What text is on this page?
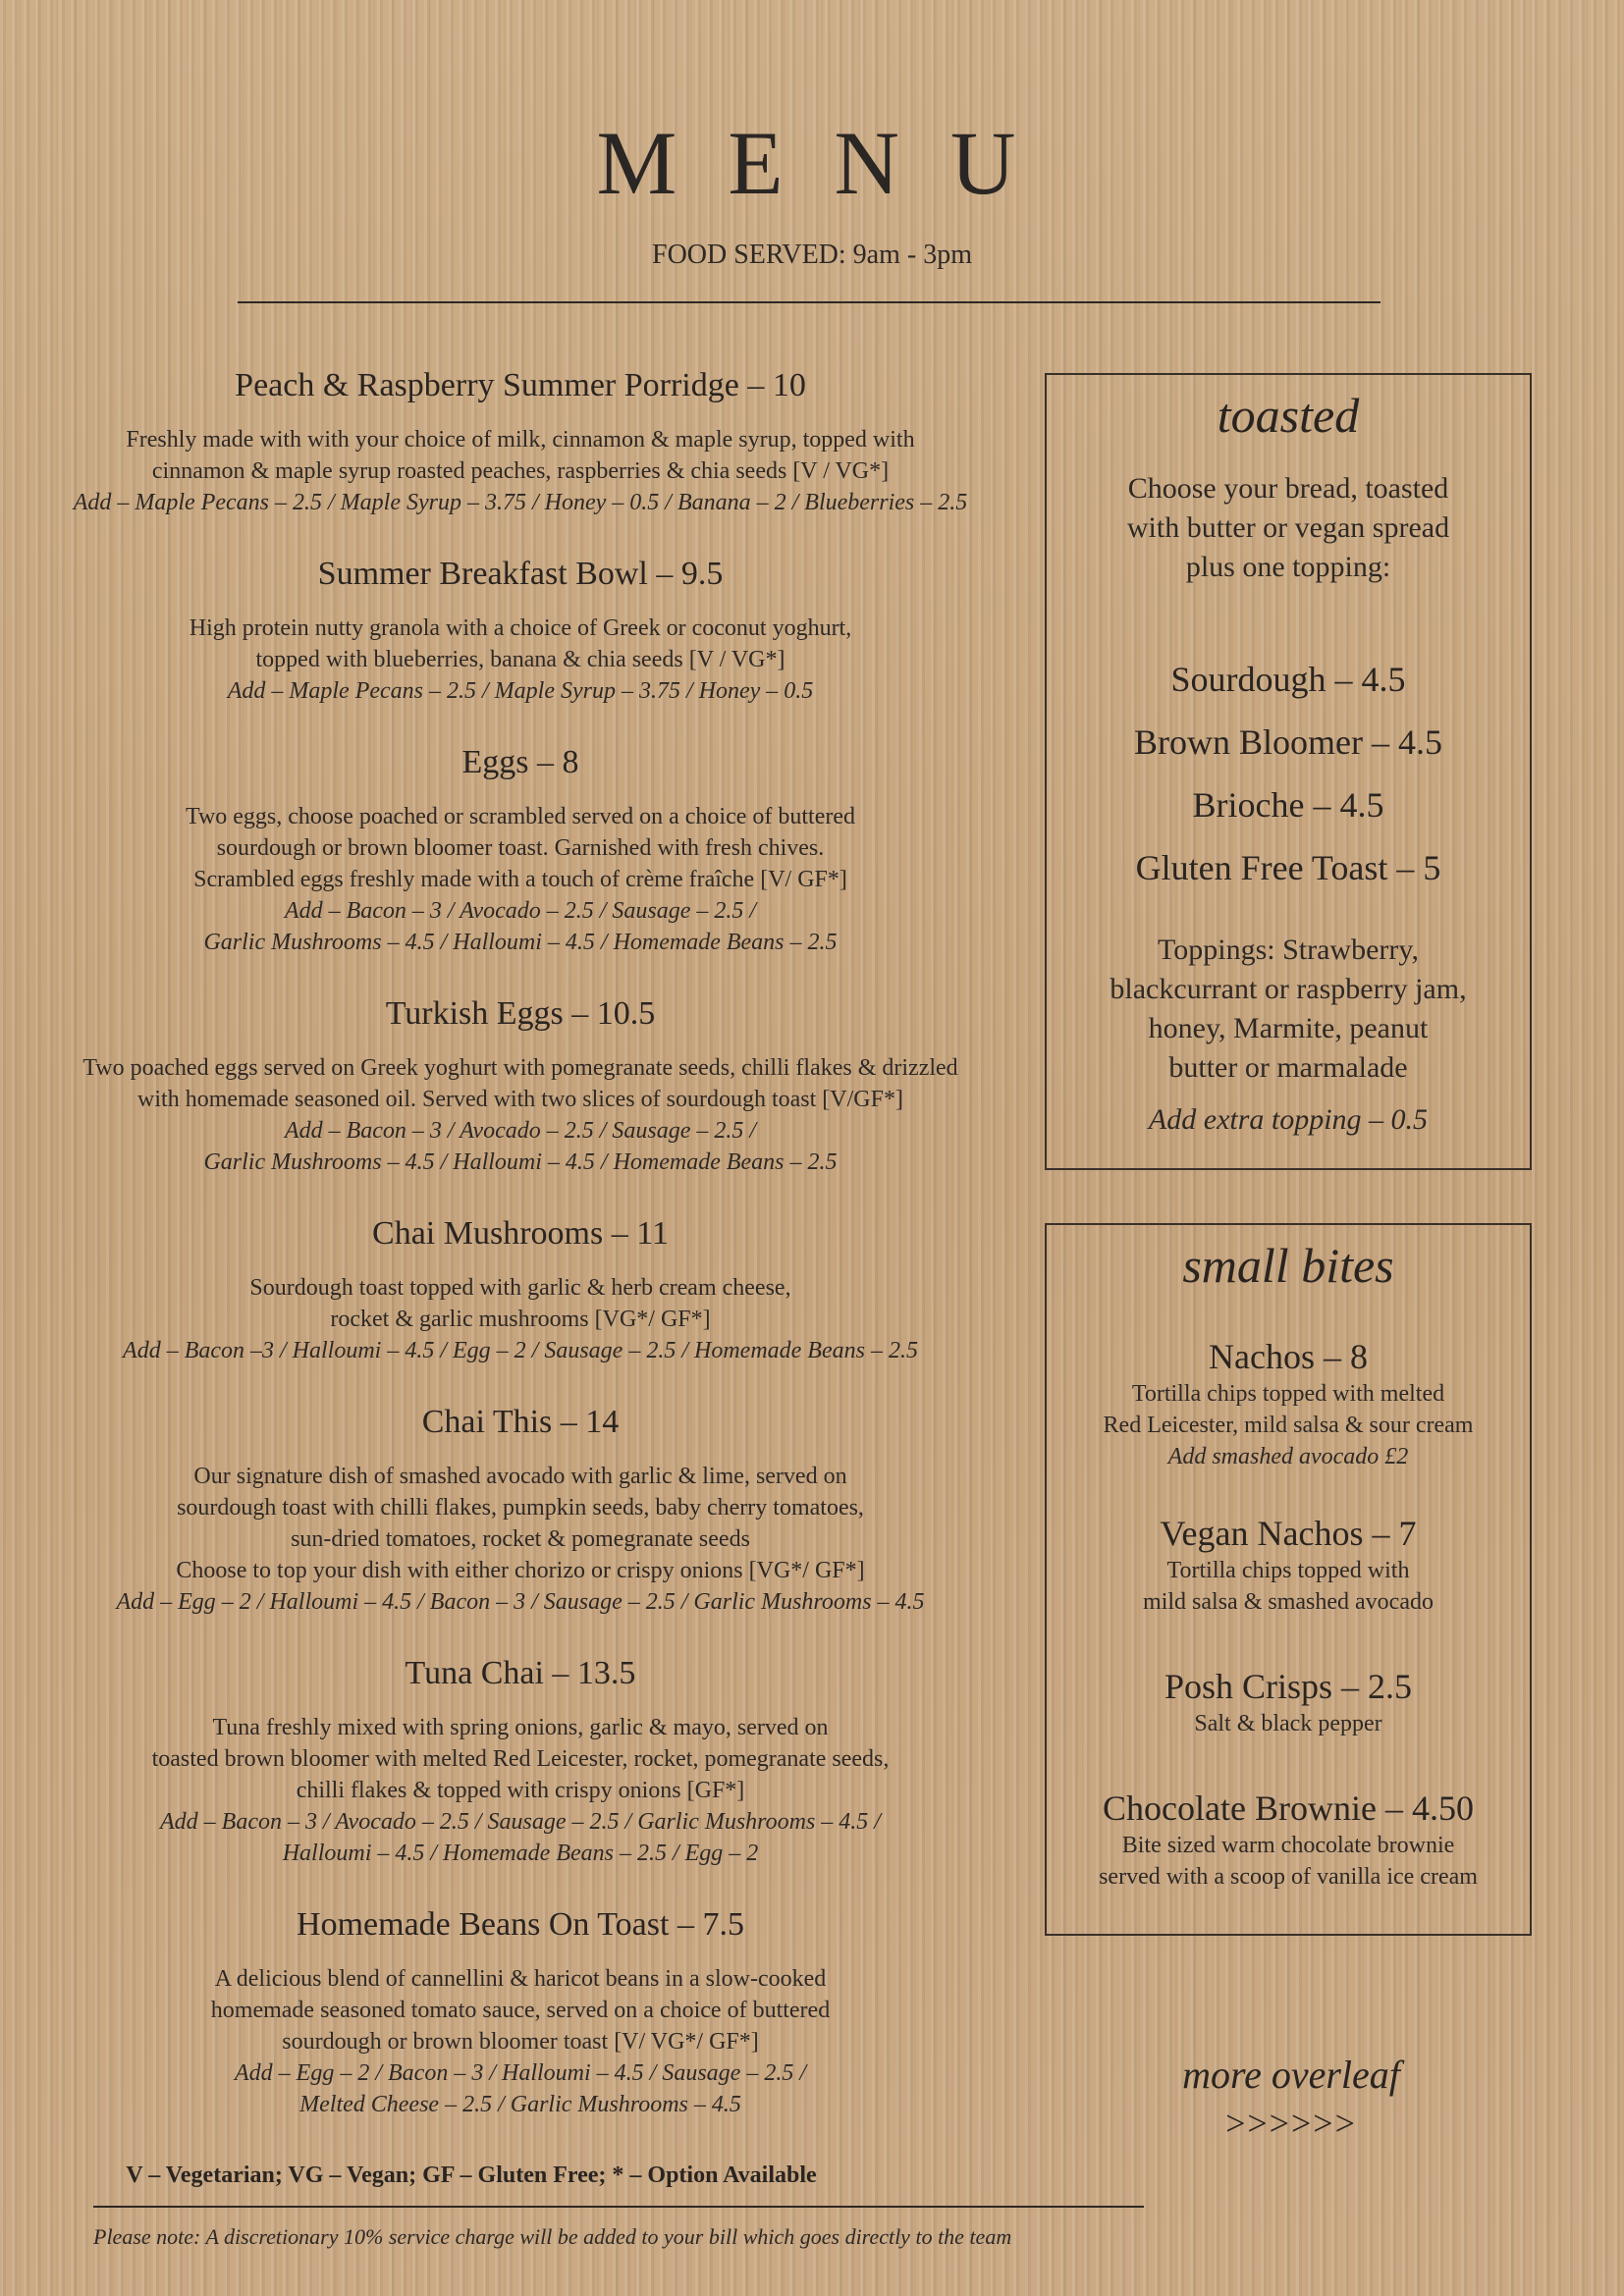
MENU
FOOD SERVED: 9am - 3pm
Peach & Raspberry Summer Porridge – 10
Freshly made with with your choice of milk, cinnamon & maple syrup, topped with
cinnamon & maple syrup roasted peaches, raspberries & chia seeds [V / VG*]
Add – Maple Pecans – 2.5 / Maple Syrup – 3.75 / Honey – 0.5 / Banana – 2 / Blueberries – 2.5
Summer Breakfast Bowl – 9.5
High protein nutty granola with a choice of Greek or coconut yoghurt,
topped with blueberries, banana & chia seeds [V / VG*]
Add – Maple Pecans – 2.5 / Maple Syrup – 3.75 / Honey – 0.5
Eggs – 8
Two eggs, choose poached or scrambled served on a choice of buttered
sourdough or brown bloomer toast. Garnished with fresh chives.
Scrambled eggs freshly made with a touch of crème fraîche [V/ GF*]
Add – Bacon – 3 / Avocado – 2.5 / Sausage – 2.5 /
Garlic Mushrooms – 4.5 / Halloumi – 4.5 / Homemade Beans – 2.5
Turkish Eggs – 10.5
Two poached eggs served on Greek yoghurt with pomegranate seeds, chilli flakes & drizzled
with homemade seasoned oil. Served with two slices of sourdough toast [V/GF*]
Add – Bacon – 3 / Avocado – 2.5 / Sausage – 2.5 /
Garlic Mushrooms – 4.5 / Halloumi – 4.5 / Homemade Beans – 2.5
Chai Mushrooms – 11
Sourdough toast topped with garlic & herb cream cheese,
rocket & garlic mushrooms [VG*/ GF*]
Add – Bacon –3 / Halloumi – 4.5 / Egg – 2 / Sausage – 2.5 / Homemade Beans – 2.5
Chai This – 14
Our signature dish of smashed avocado with garlic & lime, served on
sourdough toast with chilli flakes, pumpkin seeds, baby cherry tomatoes,
sun-dried tomatoes, rocket & pomegranate seeds
Choose to top your dish with either chorizo or crispy onions [VG*/ GF*]
Add – Egg – 2 / Halloumi – 4.5 / Bacon – 3 / Sausage – 2.5 / Garlic Mushrooms – 4.5
Tuna Chai – 13.5
Tuna freshly mixed with spring onions, garlic & mayo, served on
toasted brown bloomer with melted Red Leicester, rocket, pomegranate seeds,
chilli flakes & topped with crispy onions [GF*]
Add – Bacon – 3 / Avocado – 2.5 / Sausage – 2.5 / Garlic Mushrooms – 4.5 /
Halloumi – 4.5 / Homemade Beans – 2.5 / Egg – 2
Homemade Beans On Toast – 7.5
A delicious blend of cannellini & haricot beans in a slow-cooked
homemade seasoned tomato sauce, served on a choice of buttered
sourdough or brown bloomer toast [V/ VG*/ GF*]
Add – Egg – 2 / Bacon – 3 / Halloumi – 4.5 / Sausage – 2.5 /
Melted Cheese – 2.5 / Garlic Mushrooms – 4.5
V – Vegetarian; VG – Vegan; GF – Gluten Free; * – Option Available
Please note: A discretionary 10% service charge will be added to your bill which goes directly to the team
toasted
Choose your bread, toasted
with butter or vegan spread
plus one topping:
Sourdough – 4.5
Brown Bloomer – 4.5
Brioche – 4.5
Gluten Free Toast – 5
Toppings: Strawberry,
blackcurrant or raspberry jam,
honey, Marmite, peanut
butter or marmalade
Add extra topping – 0.5
small bites
Nachos – 8
Tortilla chips topped with melted
Red Leicester, mild salsa & sour cream
Add smashed avocado £2
Vegan Nachos – 7
Tortilla chips topped with
mild salsa & smashed avocado
Posh Crisps – 2.5
Salt & black pepper
Chocolate Brownie – 4.50
Bite sized warm chocolate brownie
served with a scoop of vanilla ice cream
more overleaf
>>>>>>
